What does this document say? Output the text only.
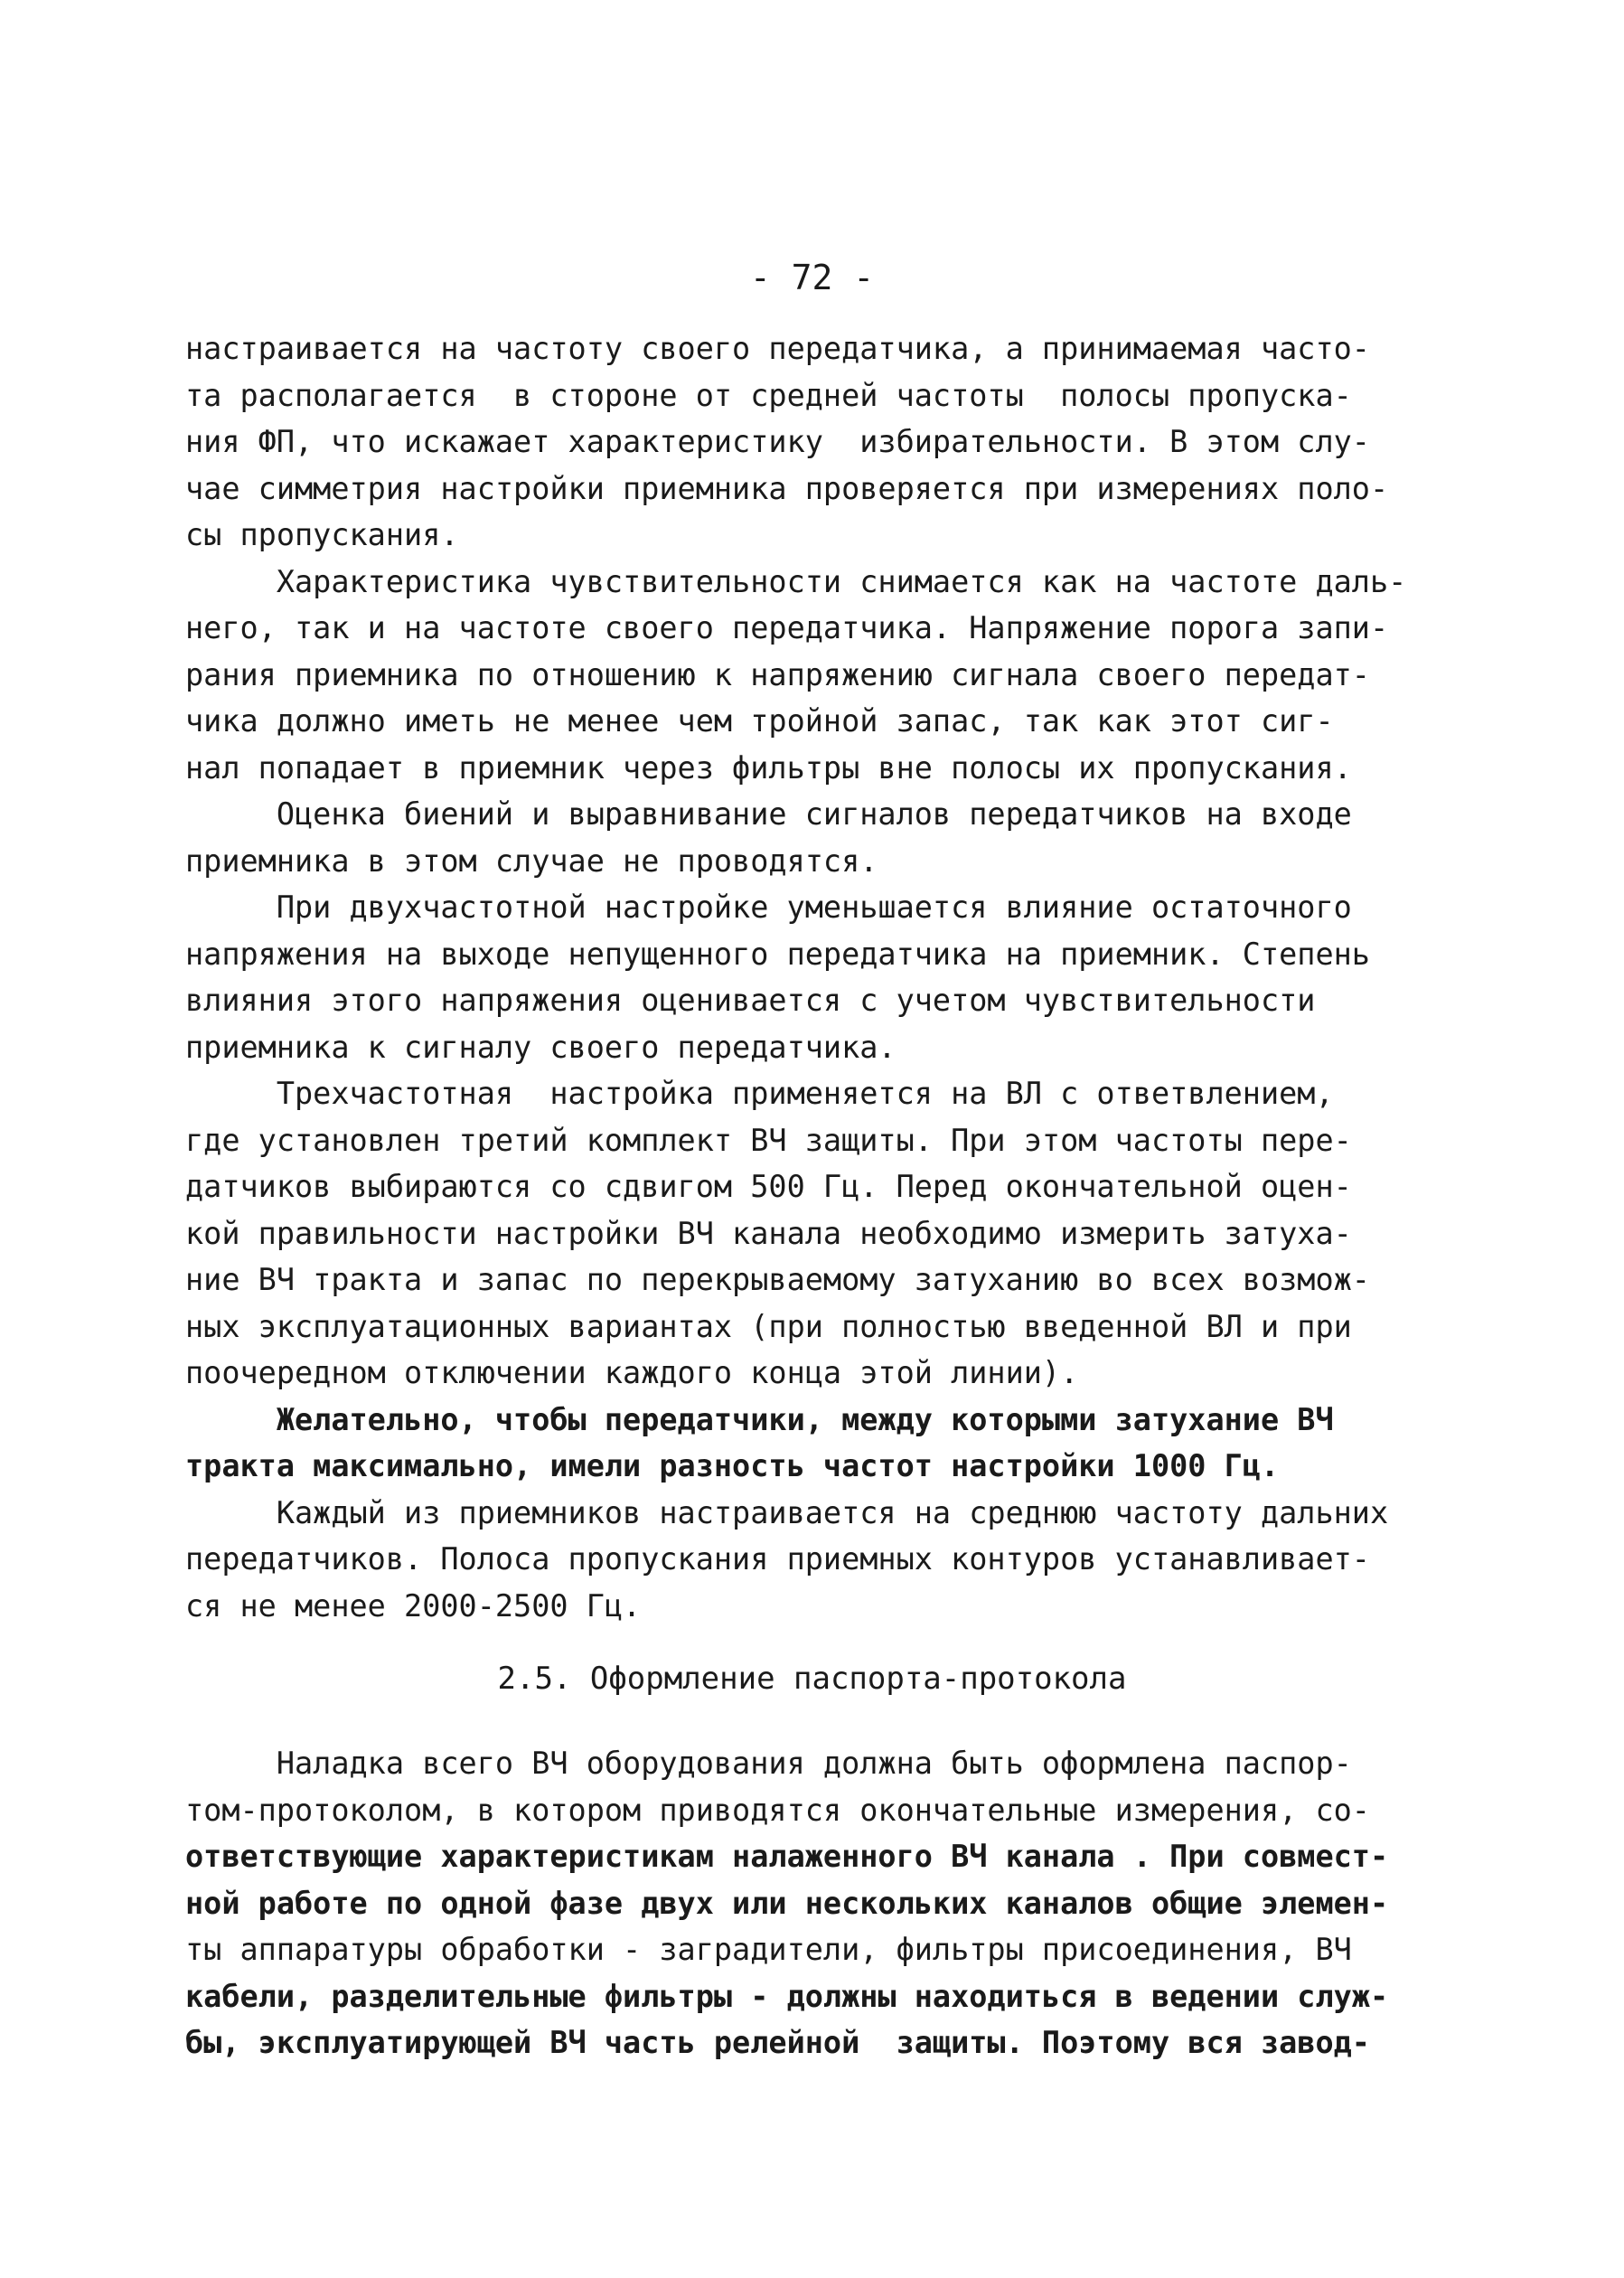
- 72 -
настраивается на частоту своего передатчика, а принимаемая часто-
та располагается  в стороне от средней частоты  полосы пропуска-
ния ФП, что искажает характеристику  избирательности. В этом слу-
чае симметрия настройки приемника проверяется при измерениях поло-
сы пропускания.
Характеристика чувствительности снимается как на частоте даль-
него, так и на частоте своего передатчика. Напряжение порога запи-
рания приемника по отношению к напряжению сигнала своего передат-
чика должно иметь не менее чем тройной запас, так как этот сиг-
нал попадает в приемник через фильтры вне полосы их пропускания.
Оценка биений и выравнивание сигналов передатчиков на входе
приемника в этом случае не проводятся.
При двухчастотной настройке уменьшается влияние остаточного
напряжения на выходе непущенного передатчика на приемник. Степень
влияния этого напряжения оценивается с учетом чувствительности
приемника к сигналу своего передатчика.
Трехчастотная  настройка применяется на ВЛ с ответвлением,
где установлен третий комплект ВЧ защиты. При этом частоты пере-
датчиков выбираются со сдвигом 500 Гц. Перед окончательной оцен-
кой правильности настройки ВЧ канала необходимо измерить затуха-
ние ВЧ тракта и запас по перекрываемому затуханию во всех возмож-
ных эксплуатационных вариантах (при полностью введенной ВЛ и при
поочередном отключении каждого конца этой линии).
Желательно, чтобы передатчики, между которыми затухание ВЧ
тракта максимально, имели разность частот настройки 1000 Гц.
Каждый из приемников настраивается на среднюю частоту дальних
передатчиков. Полоса пропускания приемных контуров устанавливает-
ся не менее 2000-2500 Гц.
2.5. Оформление паспорта-протокола
Наладка всего ВЧ оборудования должна быть оформлена паспор-
том-протоколом, в котором приводятся окончательные измерения, со-
ответствующие характеристикам налаженного ВЧ канала . При совмест-
ной работе по одной фазе двух или нескольких каналов общие элемен-
ты аппаратуры обработки - заградители, фильтры присоединения, ВЧ
кабели, разделительные фильтры - должны находиться в ведении служ-
бы, эксплуатирующей ВЧ часть релейной  защиты. Поэтому вся завод-
